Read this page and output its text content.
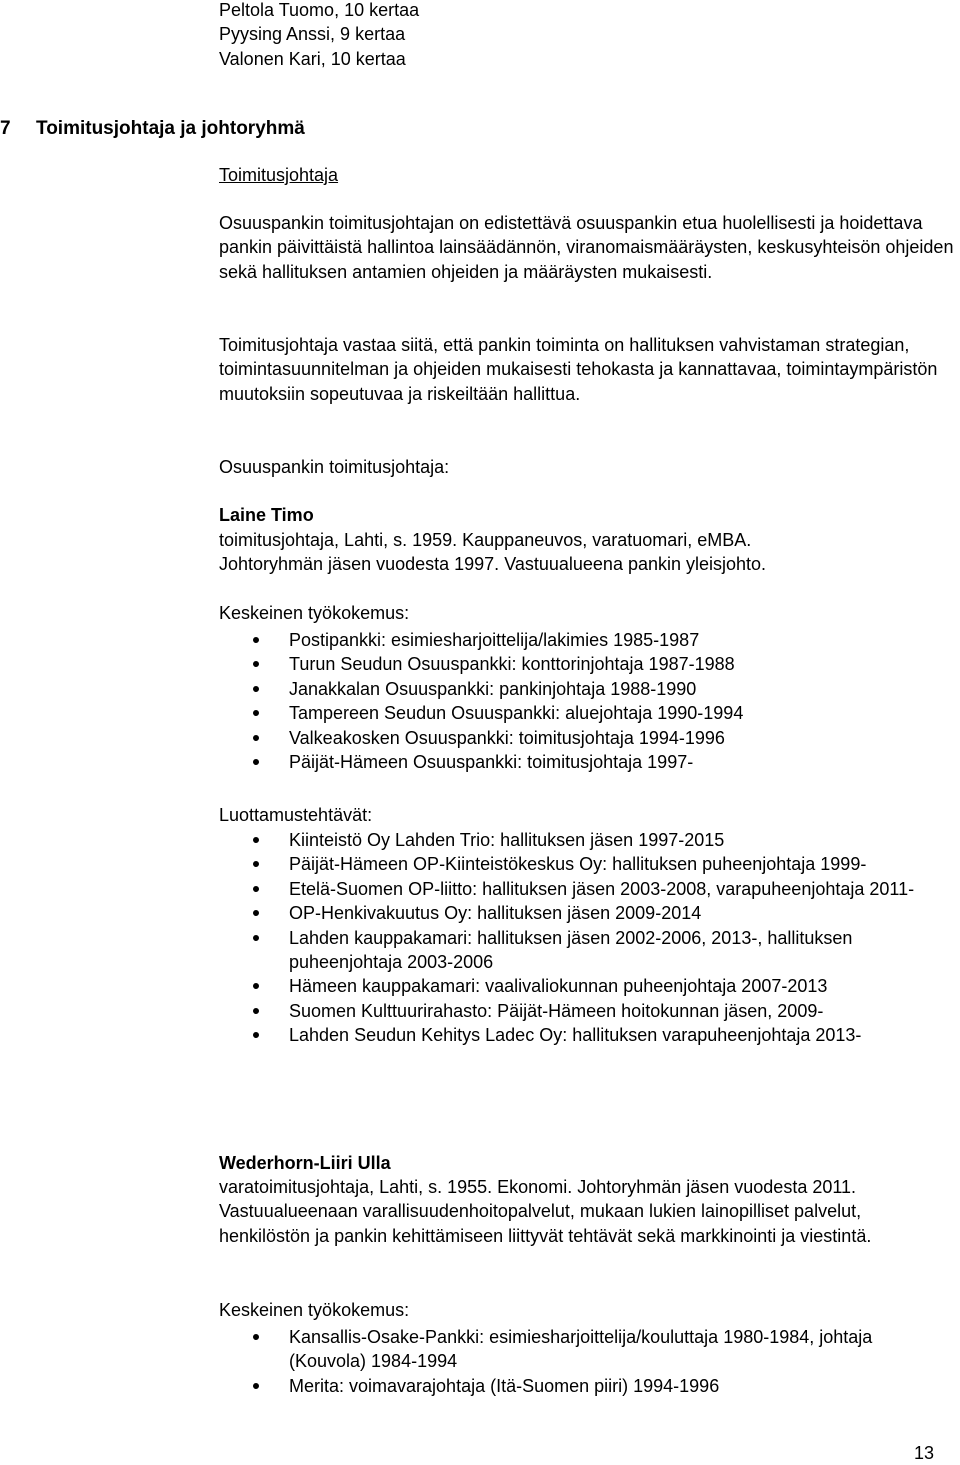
Peltola Tuomo, 10 kertaa

Pyysing Anssi, 9 kertaa

Valonen Kari, 10 kertaa

7 Toimitusjohtaja ja johtoryhmä

Toimitusjohtaja

Osuuspankin toimitusjohtajan on edistettävä osuuspankin etua huolellisesti ja hoidettava pankin päivittäistä hallintoa lainsäädännön, viranomaismääräysten, keskusyhteisön ohjeiden sekä hallituksen antamien ohjeiden ja määräysten mukaisesti.

Toimitusjohtaja vastaa siitä, että pankin toiminta on hallituksen vahvistaman strategian, toimintasuunnitelman ja ohjeiden mukaisesti tehokasta ja kannattavaa, toimintaympäristön muutoksiin sopeutuvaa ja riskeiltään hallittua.

Osuuspankin toimitusjohtaja:

Laine Timo

toimitusjohtaja, Lahti, s. 1959. Kauppaneuvos, varatuomari, eMBA.

Johtoryhmän jäsen vuodesta 1997. Vastuualueena pankin yleisjohto.

Keskeinen työkokemus:

Postipankki: esimiesharjoittelija/lakimies 1985-1987
Turun Seudun Osuuspankki: konttorinjohtaja 1987-1988
Janakkalan Osuuspankki: pankinjohtaja 1988-1990
Tampereen Seudun Osuuspankki: aluejohtaja 1990-1994
Valkeakosken Osuuspankki: toimitusjohtaja 1994-1996
Päijät-Hämeen Osuuspankki: toimitusjohtaja 1997-

Luottamustehtävät:

Kiinteistö Oy Lahden Trio: hallituksen jäsen 1997-2015
Päijät-Hämeen OP-Kiinteistökeskus Oy: hallituksen puheenjohtaja 1999-
Etelä-Suomen OP-liitto: hallituksen jäsen 2003-2008, varapuheenjohtaja 2011-
OP-Henkivakuutus Oy: hallituksen jäsen 2009-2014
Lahden kauppakamari: hallituksen jäsen 2002-2006, 2013-, hallituksen puheenjohtaja 2003-2006
Hämeen kauppakamari: vaalivaliokunnan puheenjohtaja 2007-2013
Suomen Kulttuurirahasto: Päijät-Hämeen hoitokunnan jäsen, 2009-
Lahden Seudun Kehitys Ladec Oy: hallituksen varapuheenjohtaja 2013-

Wederhorn-Liiri Ulla

varatoimitusjohtaja, Lahti, s. 1955. Ekonomi. Johtoryhmän jäsen vuodesta 2011. Vastuualueenaan varallisuudenhoitopalvelut, mukaan lukien lainopilliset palvelut, henkilöstön ja pankin kehittämiseen liittyvät tehtävät sekä markkinointi ja viestintä.

Keskeinen työkokemus:

Kansallis-Osake-Pankki: esimiesharjoittelija/kouluttaja 1980-1984, johtaja (Kouvola) 1984-1994
Merita: voimavarajohtaja (Itä-Suomen piiri) 1994-1996
13
